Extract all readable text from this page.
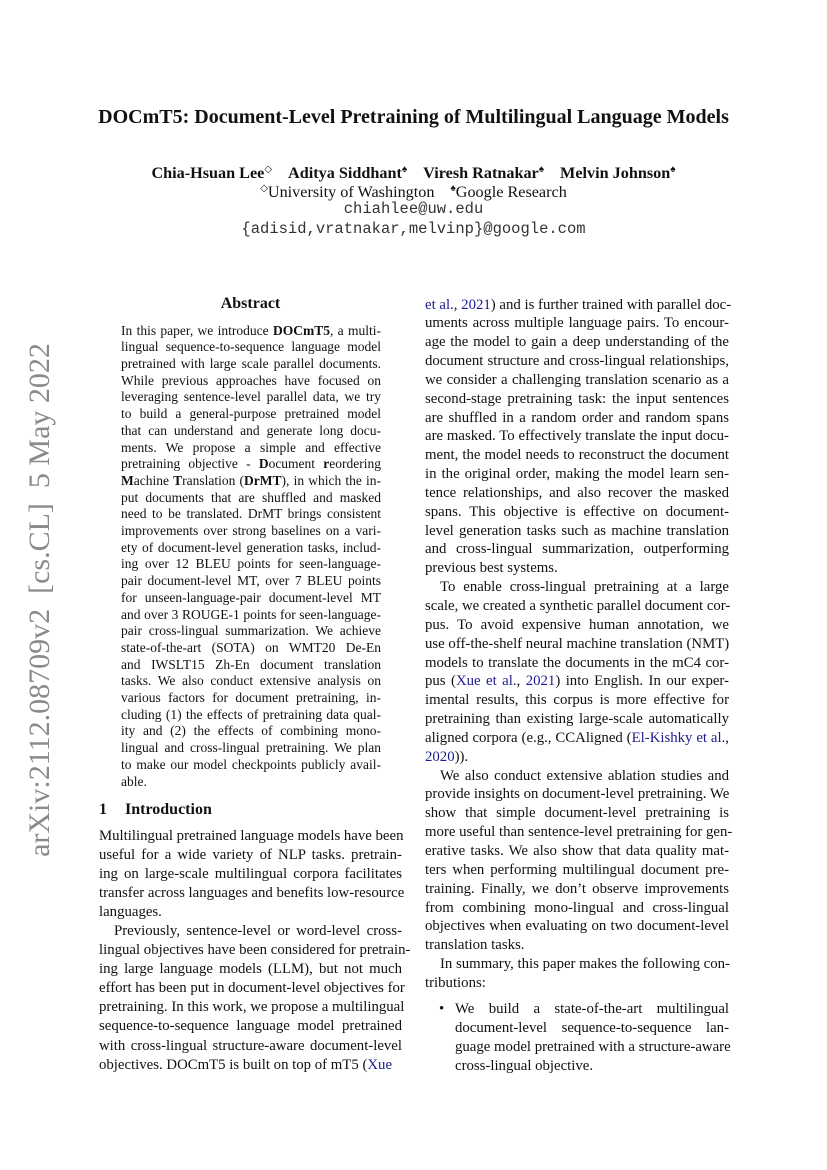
DOCmT5: Document-Level Pretraining of Multilingual Language Models
Chia-Hsuan Lee◇ Aditya Siddhant♠ Viresh Ratnakar♠ Melvin Johnson♠
◇University of Washington ♠Google Research
chiahlee@uw.edu
{adisid,vratnakar,melvinp}@google.com
arXiv:2112.08709v2  [cs.CL]  5 May 2022
Abstract
In this paper, we introduce DOCmT5, a multi-
lingual sequence-to-sequence language model
pretrained with large scale parallel documents.
While previous approaches have focused on
leveraging sentence-level parallel data, we try
to build a general-purpose pretrained model
that can understand and generate long docu-
ments. We propose a simple and effective
pretraining objective - Document reordering
Machine Translation (DrMT), in which the in-
put documents that are shuffled and masked
need to be translated. DrMT brings consistent
improvements over strong baselines on a vari-
ety of document-level generation tasks, includ-
ing over 12 BLEU points for seen-language-
pair document-level MT, over 7 BLEU points
for unseen-language-pair document-level MT
and over 3 ROUGE-1 points for seen-language-
pair cross-lingual summarization. We achieve
state-of-the-art (SOTA) on WMT20 De-En
and IWSLT15 Zh-En document translation
tasks. We also conduct extensive analysis on
various factors for document pretraining, in-
cluding (1) the effects of pretraining data qual-
ity and (2) the effects of combining mono-
lingual and cross-lingual pretraining. We plan
to make our model checkpoints publicly avail-
able.
1 Introduction
Multilingual pretrained language models have been
useful for a wide variety of NLP tasks. pretrain-
ing on large-scale multilingual corpora facilitates
transfer across languages and benefits low-resource
languages.
Previously, sentence-level or word-level cross-
lingual objectives have been considered for pretrain-
ing large language models (LLM), but not much
effort has been put in document-level objectives for
pretraining. In this work, we propose a multilingual
sequence-to-sequence language model pretrained
with cross-lingual structure-aware document-level
objectives. DOCmT5 is built on top of mT5 (Xue
et al., 2021) and is further trained with parallel doc-
uments across multiple language pairs. To encour-
age the model to gain a deep understanding of the
document structure and cross-lingual relationships,
we consider a challenging translation scenario as a
second-stage pretraining task: the input sentences
are shuffled in a random order and random spans
are masked. To effectively translate the input docu-
ment, the model needs to reconstruct the document
in the original order, making the model learn sen-
tence relationships, and also recover the masked
spans. This objective is effective on document-
level generation tasks such as machine translation
and cross-lingual summarization, outperforming
previous best systems.
To enable cross-lingual pretraining at a large
scale, we created a synthetic parallel document cor-
pus. To avoid expensive human annotation, we
use off-the-shelf neural machine translation (NMT)
models to translate the documents in the mC4 cor-
pus (Xue et al., 2021) into English. In our exper-
imental results, this corpus is more effective for
pretraining than existing large-scale automatically
aligned corpora (e.g., CCAligned (El-Kishky et al.,
2020)).
We also conduct extensive ablation studies and
provide insights on document-level pretraining. We
show that simple document-level pretraining is
more useful than sentence-level pretraining for gen-
erative tasks. We also show that data quality mat-
ters when performing multilingual document pre-
training. Finally, we don’t observe improvements
from combining mono-lingual and cross-lingual
objectives when evaluating on two document-level
translation tasks.
In summary, this paper makes the following con-
tributions:
• We build a state-of-the-art multilingual
document-level sequence-to-sequence lan-
guage model pretrained with a structure-aware
cross-lingual objective.
